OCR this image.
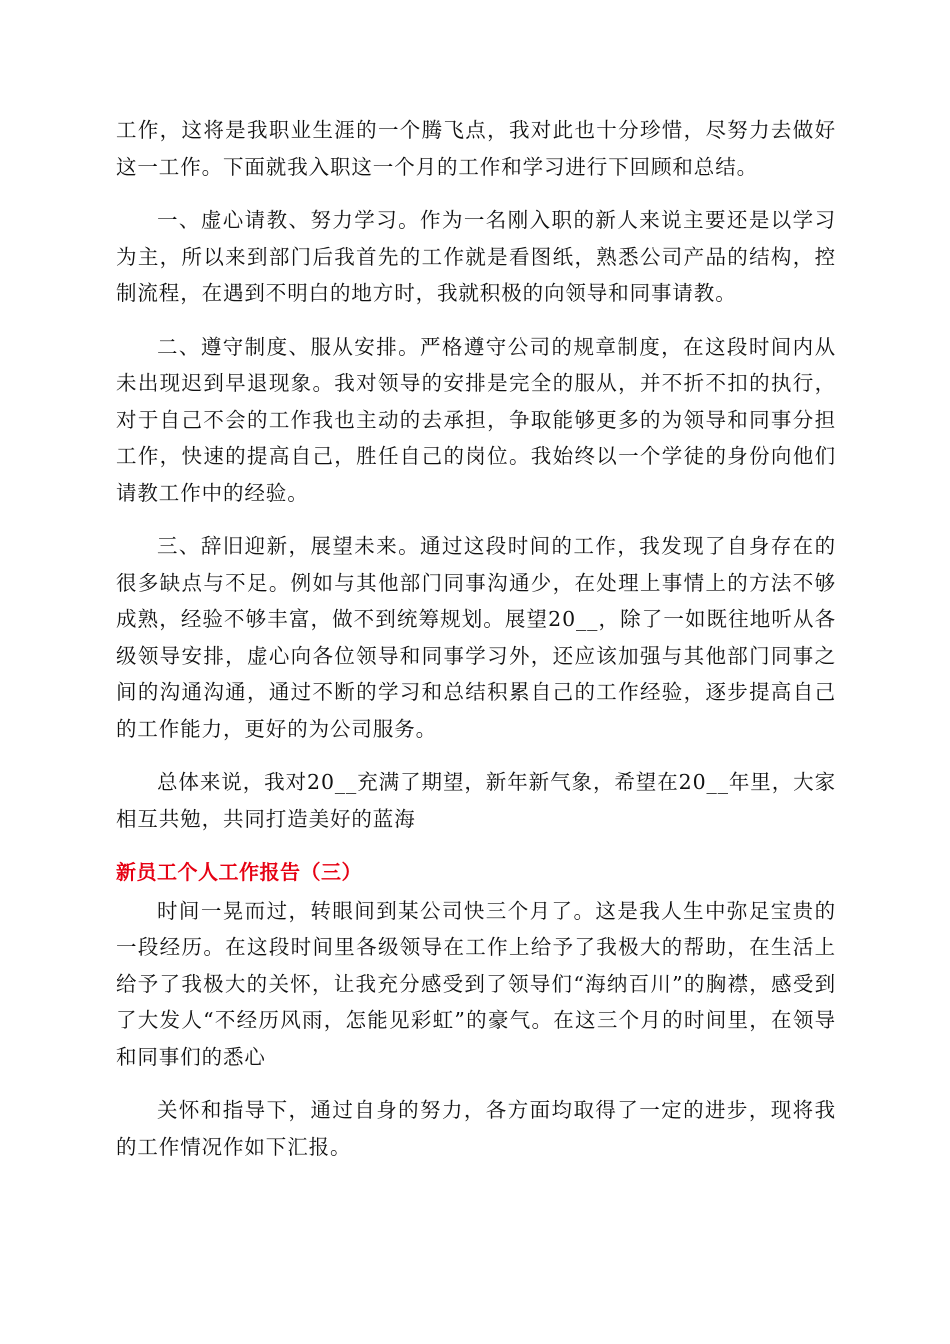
工作，这将是我职业生涯的一个腾飞点，我对此也十分珍惜，尽努力去做好这一工作。下面就我入职这一个月的工作和学习进行下回顾和总结。

一、虚心请教、努力学习。作为一名刚入职的新人来说主要还是以学习为主，所以来到部门后我首先的工作就是看图纸，熟悉公司产品的结构，控制流程，在遇到不明白的地方时，我就积极的向领导和同事请教。

二、遵守制度、服从安排。严格遵守公司的规章制度，在这段时间内从未出现迟到早退现象。我对领导的安排是完全的服从，并不折不扣的执行，对于自己不会的工作我也主动的去承担，争取能够更多的为领导和同事分担工作，快速的提高自己，胜任自己的岗位。我始终以一个学徒的身份向他们请教工作中的经验。

三、辞旧迎新，展望未来。通过这段时间的工作，我发现了自身存在的很多缺点与不足。例如与其他部门同事沟通少，在处理上事情上的方法不够成熟，经验不够丰富，做不到统筹规划。展望20__，除了一如既往地听从各级领导安排，虚心向各位领导和同事学习外，还应该加强与其他部门同事之间的沟通沟通，通过不断的学习和总结积累自己的工作经验，逐步提高自己的工作能力，更好的为公司服务。

总体来说，我对20__充满了期望，新年新气象，希望在20__年里，大家相互共勉，共同打造美好的蓝海

新员工个人工作报告（三）

时间一晃而过，转眼间到某公司快三个月了。这是我人生中弥足宝贵的一段经历。在这段时间里各级领导在工作上给予了我极大的帮助，在生活上给予了我极大的关怀，让我充分感受到了领导们“海纳百川”的胸襟，感受到了大发人“不经历风雨，怎能见彩虹”的豪气。在这三个月的时间里，在领导和同事们的悉心

关怀和指导下，通过自身的努力，各方面均取得了一定的进步，现将我的工作情况作如下汇报。
